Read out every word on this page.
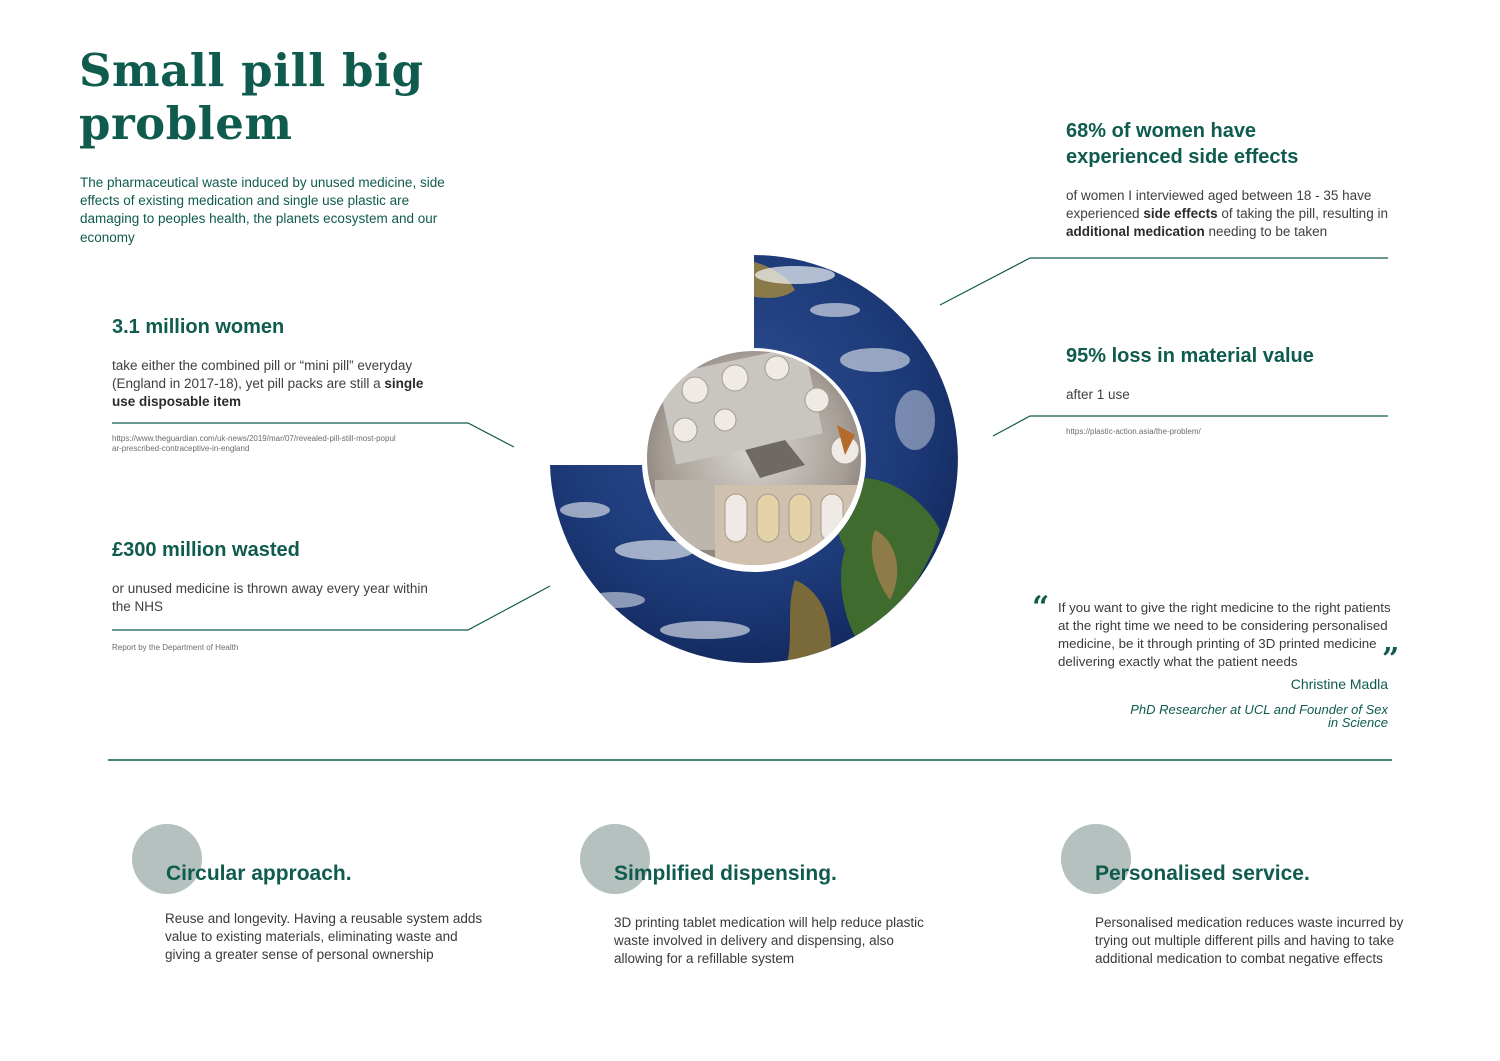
Small pill big problem
The pharmaceutical waste induced by unused medicine, side effects of existing medication and single use plastic are damaging to peoples health, the planets ecosystem and our economy
3.1 million women
take either the combined pill or “mini pill” everyday (England in 2017-18), yet pill packs are still a single use disposable item
https://www.theguardian.com/uk-news/2019/mar/07/revealed-pill-still-most-popular-prescribed-contraceptive-in-england
£300 million wasted
or unused medicine is thrown away every year within the NHS
Report by the Department of Health
68% of women have experienced side effects
of women I interviewed aged between 18 - 35 have experienced side effects of taking the pill, resulting in additional medication needing to be taken
95% loss in material value
after 1 use
https://plastic-action.asia/the-problem/
“ If you want to give the right medicine to the right patients at the right time we need to be considering personalised medicine, be it through printing of 3D printed medicine delivering exactly what the patient needs	”
Christine Madla
PhD Researcher at UCL and Founder of Sex in Science
Circular approach.
Reuse and longevity. Having a reusable system adds value to existing materials, eliminating waste and giving a greater sense of personal ownership
Simplified dispensing.
3D printing tablet medication will help reduce plastic waste involved in delivery and dispensing, also allowing for a refillable system
Personalised service.
Personalised medication reduces waste incurred by trying out multiple different pills and having to take additional medication to combat negative effects
